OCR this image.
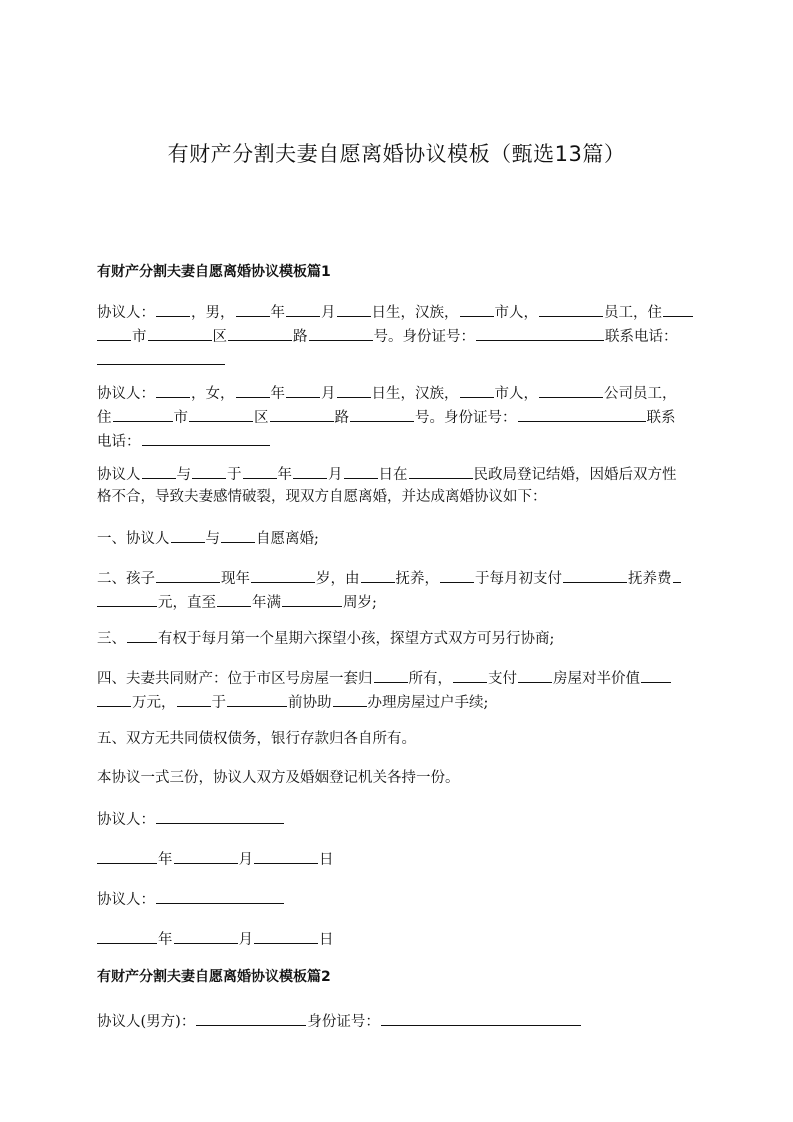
有财产分割夫妻自愿离婚协议模板（甄选13篇）
有财产分割夫妻自愿离婚协议模板篇1
协议人： ，男， 年 月 日生，汉族， 市人，	员工，住
市	区	路	号。身份证号：	联系电话：

协议人： ，女， 年 月 日生，汉族， 市人，	公司员工，
住	市	区	路	号。身份证号：	联系
电话：
协议人 与 于 年 月 日在	民政局登记结婚，因婚后双方性
格不合，导致夫妻感情破裂，现双方自愿离婚，并达成离婚协议如下：
一、协议人 与 自愿离婚;
二、孩子	现年	岁，由 抚养， 于每月初支付	抚养费
元，直至 年满	周岁;
三、 有权于每月第一个星期六探望小孩，探望方式双方可另行协商;
四、夫妻共同财产：位于市区号房屋一套归 所有， 支付 房屋对半价值
万元， 于	前协助 办理房屋过户手续;
五、双方无共同债权债务，银行存款归各自所有。
本协议一式三份，协议人双方及婚姻登记机关各持一份。
协议人：
年	月	日
协议人：
年	月	日
有财产分割夫妻自愿离婚协议模板篇2
协议人(男方)：	身份证号：
